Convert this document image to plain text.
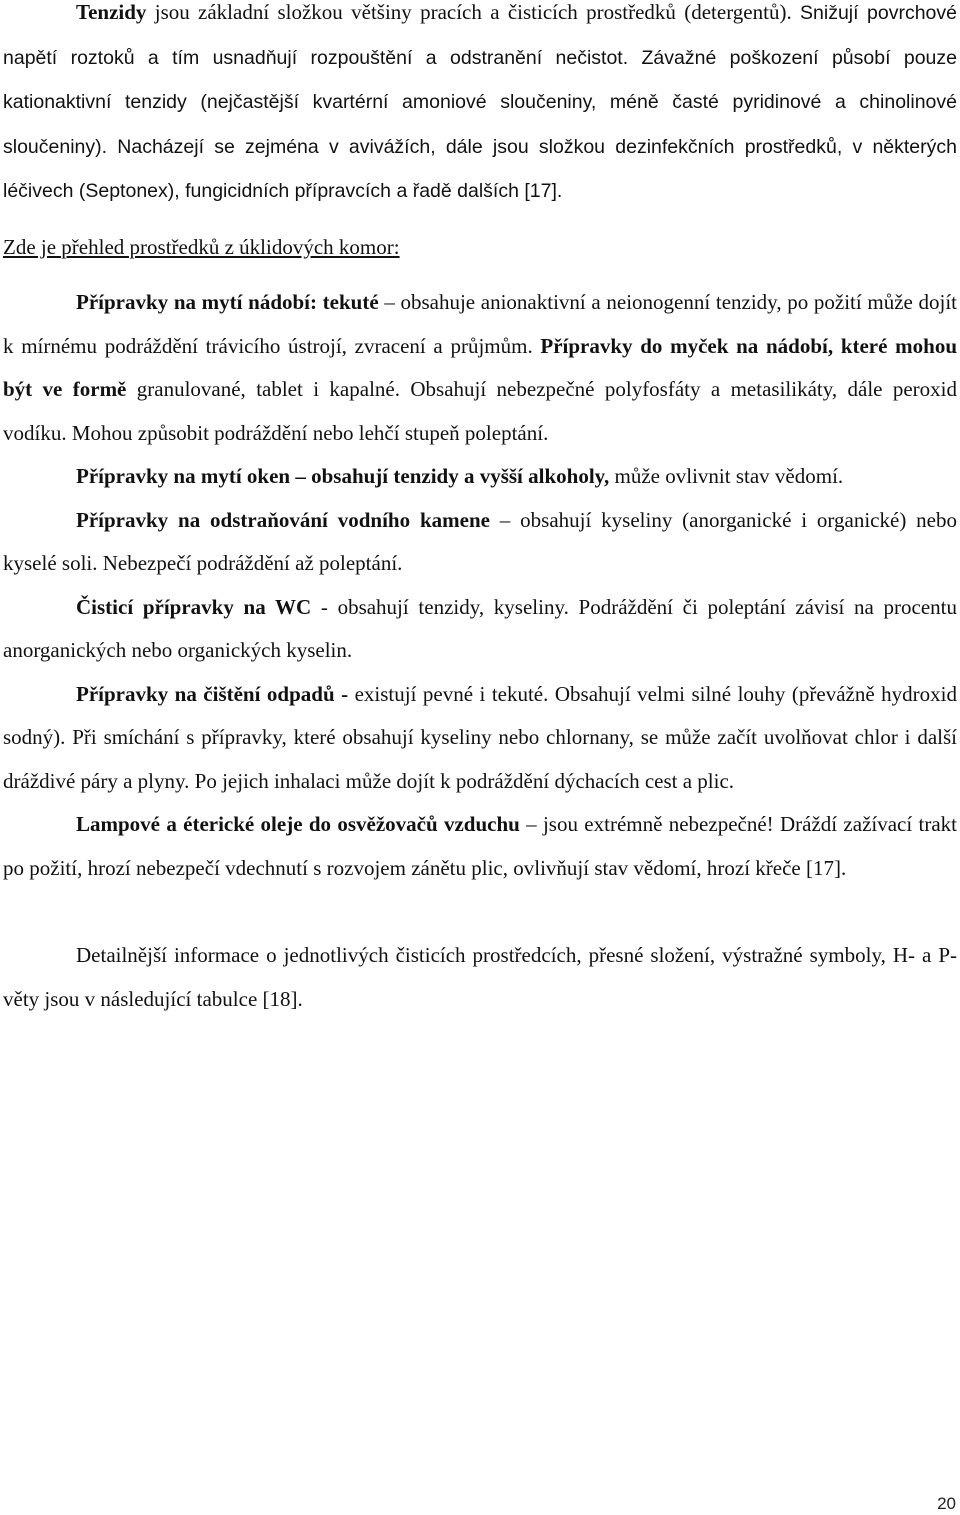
Tenzidy jsou základní složkou většiny pracích a čisticích prostředků (detergentů). Snižují povrchové napětí roztoků a tím usnadňují rozpouštění a odstranění nečistot. Závažné poškození působí pouze kationaktivní tenzidy (nejčastější kvartérní amoniové sloučeniny, méně časté pyridinové a chinolinové sloučeniny). Nacházejí se zejména v avivážích, dále jsou složkou dezinfekčních prostředků, v některých léčivech (Septonex), fungicidních přípravcích a řadě dalších [17].

Zde je přehled prostředků z úklidových komor:

Přípravky na mytí nádobí: tekuté – obsahuje anionaktivní a neionogenní tenzidy, po požití může dojít k mírnému podráždění trávicího ústrojí, zvracení a průjmům. Přípravky do myček na nádobí, které mohou být ve formě granulované, tablet i kapalné. Obsahují nebezpečné polyfosfáty a metasilikáty, dále peroxid vodíku. Mohou způsobit podráždění nebo lehčí stupeň poleptání.

Přípravky na mytí oken – obsahují tenzidy a vyšší alkoholy, může ovlivnit stav vědomí.

Přípravky na odstraňování vodního kamene – obsahují kyseliny (anorganické i organické) nebo kyselé soli. Nebezpečí podráždění až poleptání.

Čisticí přípravky na WC - obsahují tenzidy, kyseliny. Podráždění či poleptání závisí na procentu anorganických nebo organických kyselin.

Přípravky na čištění odpadů - existují pevné i tekuté. Obsahují velmi silné louhy (převážně hydroxid sodný). Při smíchání s přípravky, které obsahují kyseliny nebo chlornany, se může začít uvolňovat chlor i další dráždivé páry a plyny. Po jejich inhalaci může dojít k podráždění dýchacích cest a plic.

Lampové a éterické oleje do osvěžovačů vzduchu – jsou extrémně nebezpečné! Dráždí zažívací trakt po požití, hrozí nebezpečí vdechnutí s rozvojem zánětu plic, ovlivňují stav vědomí, hrozí křeče [17].

Detailnější informace o jednotlivých čisticích prostředcích, přesné složení, výstražné symboly, H- a P- věty jsou v následující tabulce [18].

20
